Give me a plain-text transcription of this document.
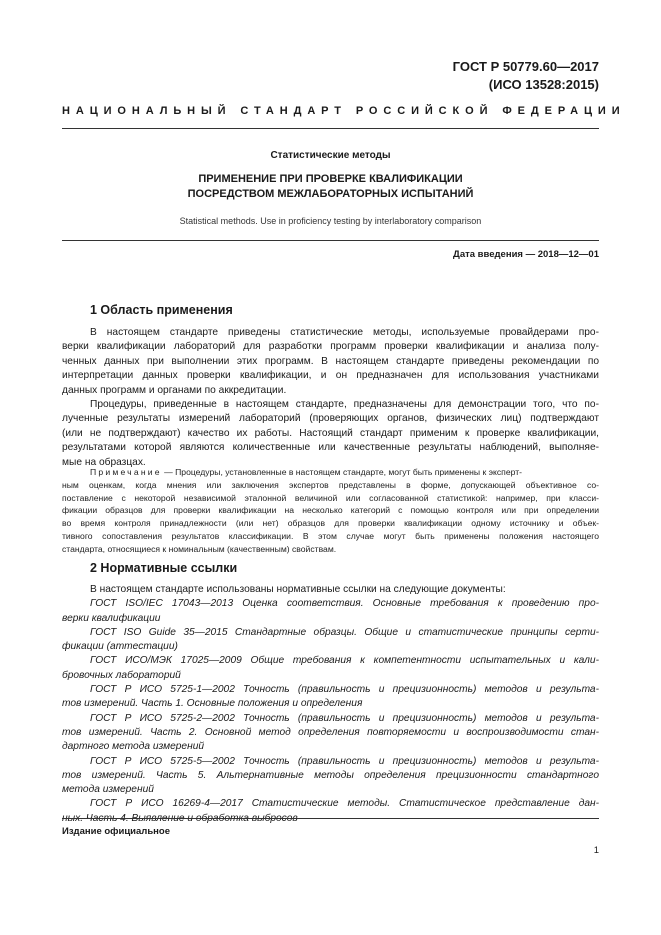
ГОСТ Р 50779.60—2017
(ИСО 13528:2015)
НАЦИОНАЛЬНЫЙ СТАНДАРТ РОССИЙСКОЙ ФЕДЕРАЦИИ
Статистические методы
ПРИМЕНЕНИЕ ПРИ ПРОВЕРКЕ КВАЛИФИКАЦИИ
ПОСРЕДСТВОМ МЕЖЛАБОРАТОРНЫХ ИСПЫТАНИЙ
Statistical methods. Use in proficiency testing by interlaboratory comparison
Дата введения — 2018—12—01
1 Область применения
В настоящем стандарте приведены статистические методы, используемые провайдерами про-
верки квалификации лабораторий для разработки программ проверки квалификации и анализа полу-
ченных данных при выполнении этих программ. В настоящем стандарте приведены рекомендации по
интерпретации данных проверки квалификации, и он предназначен для использования участниками
данных программ и органами по аккредитации.
Процедуры, приведенные в настоящем стандарте, предназначены для демонстрации того, что по-
лученные результаты измерений лабораторий (проверяющих органов, физических лиц) подтверждают
(или не подтверждают) качество их работы. Настоящий стандарт применим к проверке квалификации,
результатами которой являются количественные или качественные результаты наблюдений, выполняе-
мые на образцах.
Примечание — Процедуры, установленные в настоящем стандарте, могут быть применены к эксперт-
ным оценкам, когда мнения или заключения экспертов представлены в форме, допускающей объективное со-
поставление с некоторой независимой эталонной величиной или согласованной статистикой: например, при класси-
фикации образцов для проверки квалификации на несколько категорий с помощью контроля или при определении
во время контроля принадлежности (или нет) образцов для проверки квалификации одному источнику и объек-
тивного сопоставления результатов классификации. В этом случае могут быть применены положения настоящего
стандарта, относящиеся к номинальным (качественным) свойствам.
2 Нормативные ссылки
В настоящем стандарте использованы нормативные ссылки на следующие документы:
ГОСТ ISO/IEC 17043—2013 Оценка соответствия. Основные требования к проведению про-
верки квалификации
ГОСТ ISO Guide 35—2015 Стандартные образцы. Общие и статистические принципы серти-
фикации (аттестации)
ГОСТ ИСО/МЭК 17025—2009 Общие требования к компетентности испытательных и кали-
бровочных лабораторий
ГОСТ Р ИСО 5725-1—2002 Точность (правильность и прецизионность) методов и результа-
тов измерений. Часть 1. Основные положения и определения
ГОСТ Р ИСО 5725-2—2002 Точность (правильность и прецизионность) методов и результа-
тов измерений. Часть 2. Основной метод определения повторяемости и воспроизводимости стан-
дартного метода измерений
ГОСТ Р ИСО 5725-5—2002 Точность (правильность и прецизионность) методов и результа-
тов измерений. Часть 5. Альтернативные методы определения прецизионности стандартного
метода измерений
ГОСТ Р ИСО 16269-4—2017 Статистические методы. Статистическое представление дан-
ных. Часть 4. Выявление и обработка выбросов
Издание официальное
1
